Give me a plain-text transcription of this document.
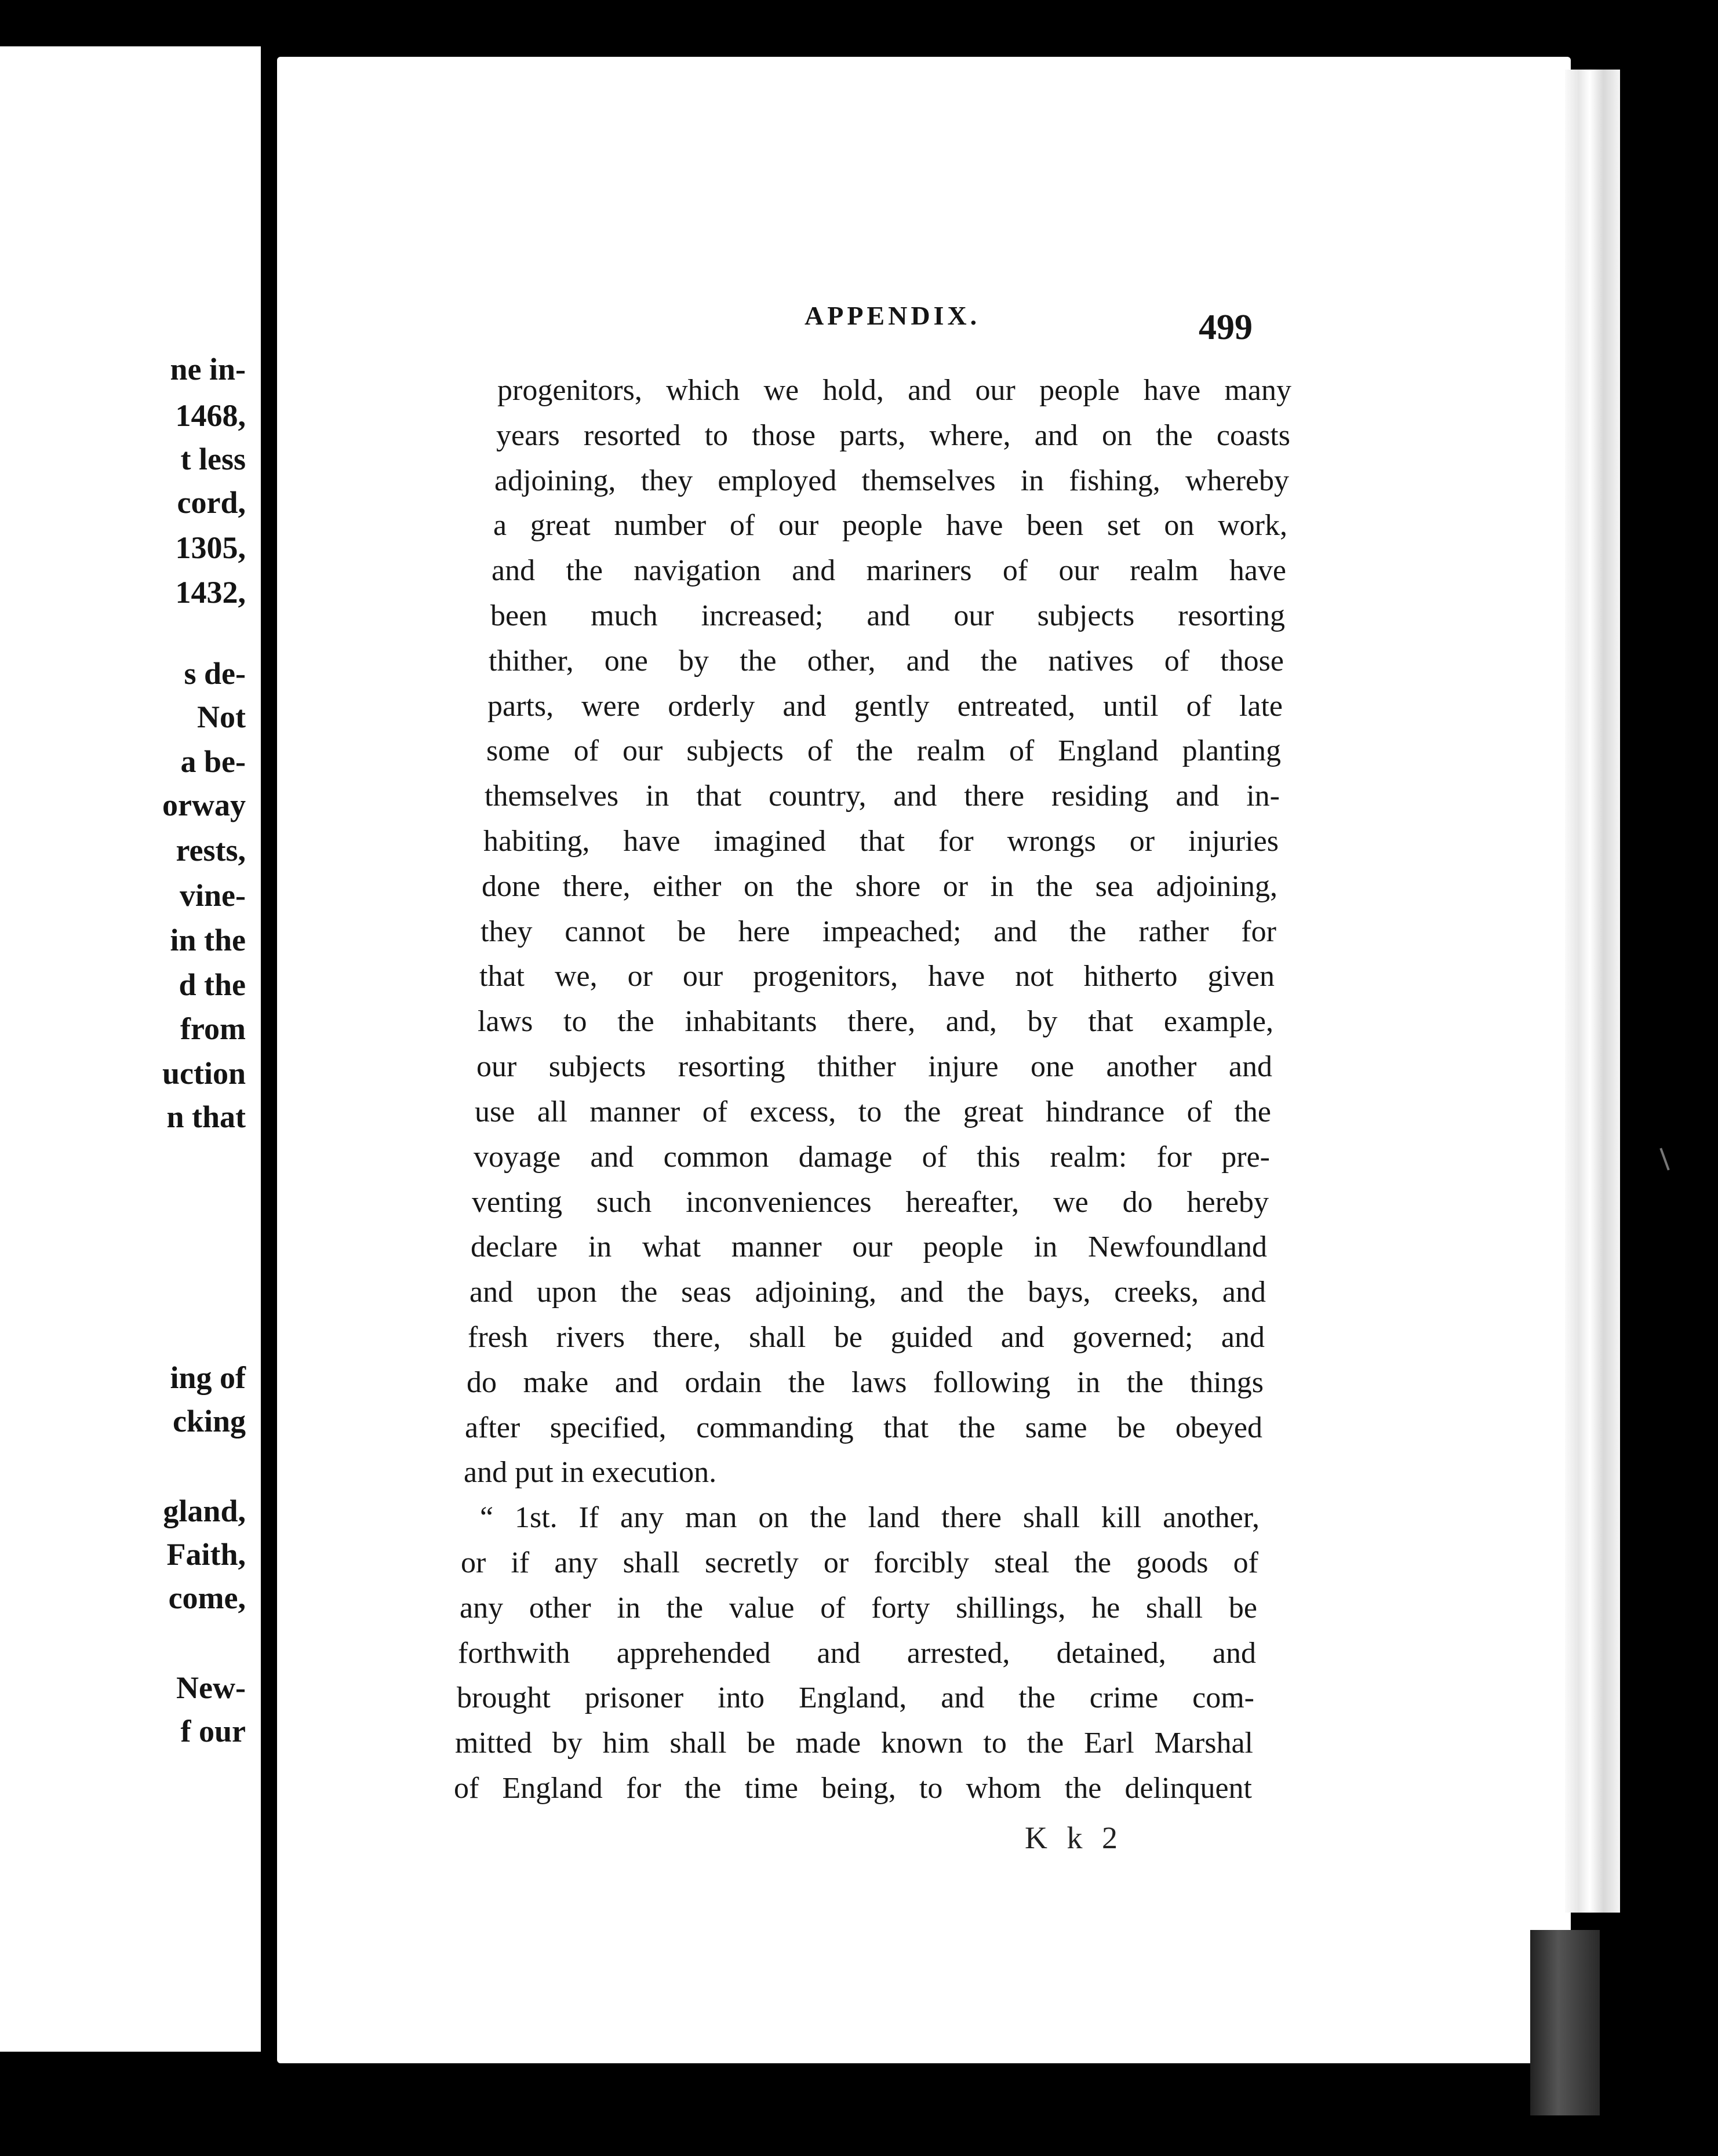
ne in-
1468,
t less
cord,
1305,
1432,
s de-
Not
a be-
orway
rests,
vine-
in the
d the
from
uction
n that
ing of
cking
gland,
Faith,
come,
New-
f our
APPENDIX.	499
progenitors, which we hold, and our people have many
years resorted to those parts, where, and on the coasts
adjoining, they employed themselves in fishing, whereby
a great number of our people have been set on work,
and the navigation and mariners of our realm have
been much increased; and our subjects resorting
thither, one by the other, and the natives of those
parts, were orderly and gently entreated, until of late
some of our subjects of the realm of England planting
themselves in that country, and there residing and in-
habiting, have imagined that for wrongs or injuries
done there, either on the shore or in the sea adjoining,
they cannot be here impeached; and the rather for
that we, or our progenitors, have not hitherto given
laws to the inhabitants there, and, by that example,
our subjects resorting thither injure one another and
use all manner of excess, to the great hindrance of the
voyage and common damage of this realm: for pre-
venting such inconveniences hereafter, we do hereby
declare in what manner our people in Newfoundland
and upon the seas adjoining, and the bays, creeks, and
fresh rivers there, shall be guided and governed; and
do make and ordain the laws following in the things
after specified, commanding that the same be obeyed
and put in execution.
“ 1st. If any man on the land there shall kill another,
or if any shall secretly or forcibly steal the goods of
any other in the value of forty shillings, he shall be
forthwith apprehended and arrested, detained, and
brought prisoner into England, and the crime com-
mitted by him shall be made known to the Earl Marshal
of England for the time being, to whom the delinquent
K k 2
